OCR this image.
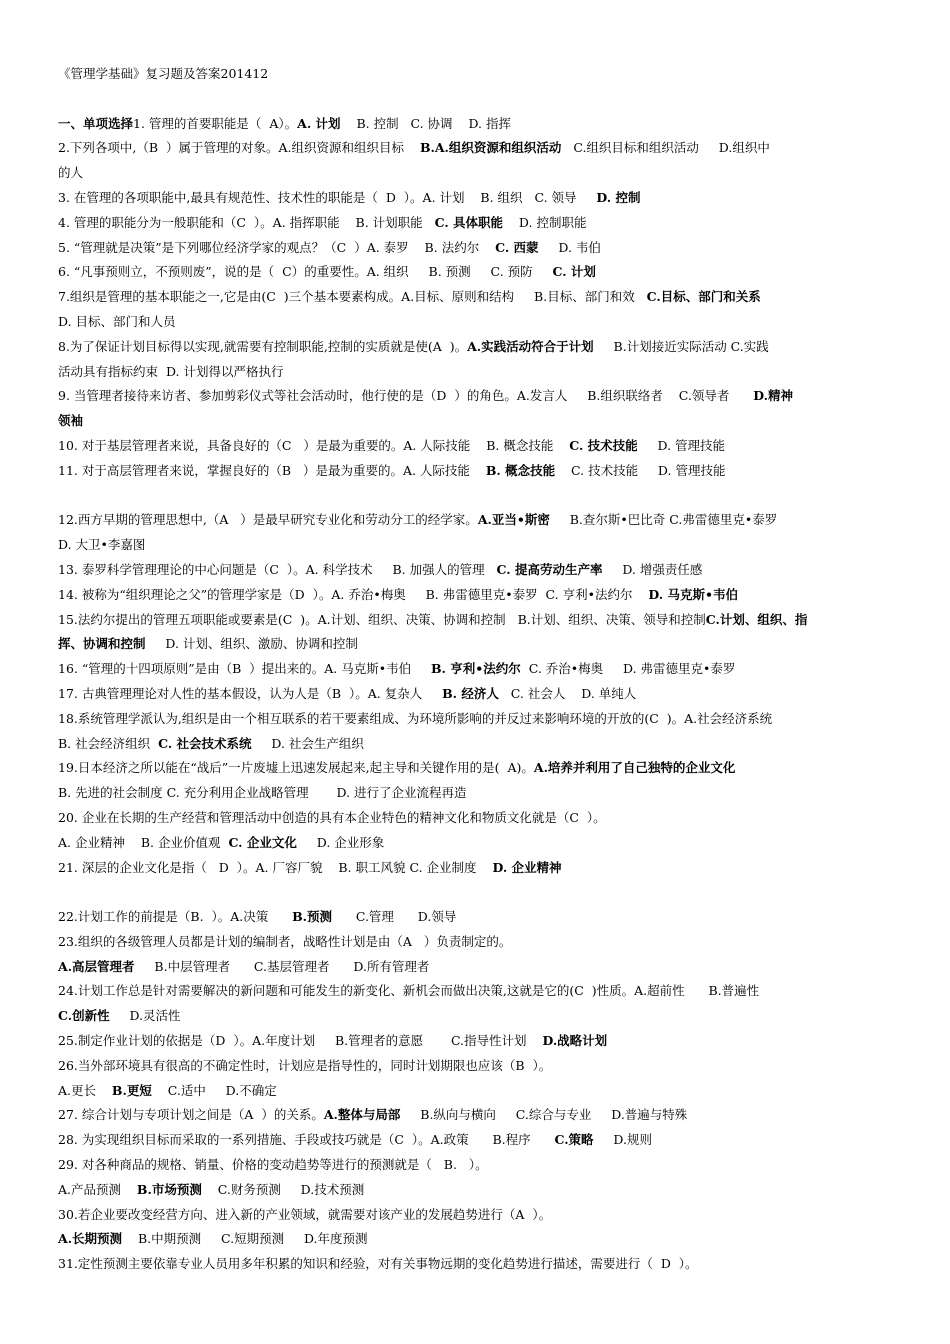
《管理学基础》复习题及答案201412
一、单项选择1. 管理的首要职能是（  A）。A. 计划    B. 控制   C. 协调    D. 指挥
2.下列各项中,（B  ）属于管理的对象。A.组织资源和组织目标    B.A.组织资源和组织活动   C.组织目标和组织活动     D.组织中
的人
3. 在管理的各项职能中,最具有规范性、技术性的职能是（  D  ）。A. 计划    B. 组织   C. 领导     D. 控制
4. 管理的职能分为一般职能和（C  ）。A. 指挥职能    B. 计划职能   C. 具体职能    D. 控制职能
5. “管理就是决策”是下列哪位经济学家的观点？（C  ）A. 泰罗    B. 法约尔    C. 西蒙     D. 韦伯
6. “凡事预则立，不预则废”，说的是（  C）的重要性。A. 组织     B. 预测     C. 预防     C. 计划
7.组织是管理的基本职能之一,它是由(C  )三个基本要素构成。A.目标、原则和结构     B.目标、部门和效   C.目标、部门和关系
D. 目标、部门和人员
8.为了保证计划目标得以实现,就需要有控制职能,控制的实质就是使(A  )。A.实践活动符合于计划     B.计划接近实际活动 C.实践
活动具有指标约束  D. 计划得以严格执行
9. 当管理者接待来访者、参加剪彩仪式等社会活动时，他行使的是（D  ）的角色。A.发言人     B.组织联络者    C.领导者      D.精神
领袖
10. 对于基层管理者来说，具备良好的（C   ）是最为重要的。A. 人际技能    B. 概念技能    C. 技术技能     D. 管理技能
11. 对于高层管理者来说，掌握良好的（B   ）是最为重要的。A. 人际技能    B. 概念技能    C. 技术技能     D. 管理技能
12.西方早期的管理思想中,（A   ）是最早研究专业化和劳动分工的经学家。A.亚当•斯密     B.查尔斯•巴比奇 C.弗雷德里克•泰罗
D. 大卫•李嘉图
13. 泰罗科学管理理论的中心问题是（C  ）。A. 科学技术     B. 加强人的管理   C. 提高劳动生产率     D. 增强责任感
14. 被称为“组织理论之父”的管理学家是（D  ）。A. 乔治•梅奥     B. 弗雷德里克•泰罗  C. 亨利•法约尔    D. 马克斯•韦伯
15.法约尔提出的管理五项职能或要素是(C  )。A.计划、组织、决策、协调和控制   B.计划、组织、决策、领导和控制C.计划、组织、指
挥、协调和控制     D. 计划、组织、激励、协调和控制
16. “管理的十四项原则”是由（B  ）提出来的。A. 马克斯•韦伯     B. 亨利•法约尔  C. 乔治•梅奥     D. 弗雷德里克•泰罗
17. 古典管理理论对人性的基本假设，认为人是（B  ）。A. 复杂人     B. 经济人   C. 社会人    D. 单纯人
18.系统管理学派认为,组织是由一个相互联系的若干要素组成、为环境所影响的并反过来影响环境的开放的(C  )。A.社会经济系统
B. 社会经济组织  C. 社会技术系统     D. 社会生产组织
19.日本经济之所以能在“战后”一片废墟上迅速发展起来,起主导和关键作用的是(  A)。A.培养并利用了自己独特的企业文化
B. 先进的社会制度 C. 充分利用企业战略管理       D. 进行了企业流程再造
20. 企业在长期的生产经营和管理活动中创造的具有本企业特色的精神文化和物质文化就是（C  ）。
A. 企业精神    B. 企业价值观  C. 企业文化     D. 企业形象
21. 深层的企业文化是指（   D  ）。A. 厂容厂貌    B. 职工风貌 C. 企业制度    D. 企业精神
22.计划工作的前提是（B.  ）。A.决策      B.预测      C.管理      D.领导
23.组织的各级管理人员都是计划的编制者，战略性计划是由（A   ）负责制定的。
A.高层管理者     B.中层管理者      C.基层管理者      D.所有管理者
24.计划工作总是针对需要解决的新问题和可能发生的新变化、新机会而做出决策,这就是它的(C  )性质。A.超前性      B.普遍性
C.创新性     D.灵活性
25.制定作业计划的依据是（D  ）。A.年度计划     B.管理者的意愿       C.指导性计划    D.战略计划
26.当外部环境具有很高的不确定性时，计划应是指导性的，同时计划期限也应该（B  ）。
A.更长    B.更短    C.适中     D.不确定
27. 综合计划与专项计划之间是（A  ）的关系。A.整体与局部     B.纵向与横向     C.综合与专业     D.普遍与特殊
28. 为实现组织目标而采取的一系列措施、手段或技巧就是（C  ）。A.政策      B.程序      C.策略     D.规则
29. 对各种商品的规格、销量、价格的变动趋势等进行的预测就是（   B.   ）。
A.产品预测    B.市场预测    C.财务预测     D.技术预测
30.若企业要改变经营方向、进入新的产业领域，就需要对该产业的发展趋势进行（A  ）。
A.长期预测    B.中期预测     C.短期预测     D.年度预测
31.定性预测主要依靠专业人员用多年积累的知识和经验，对有关事物远期的变化趋势进行描述，需要进行（  D  ）。
